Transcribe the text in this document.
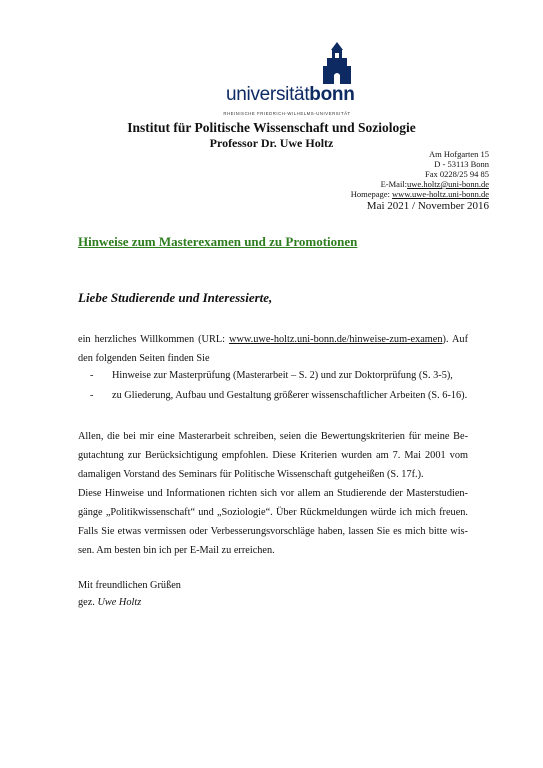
universitätbonn
RHEINISCHE FRIEDRICH-WILHELMS-UNIVERSITÄT
Institut für Politische Wissenschaft und Soziologie
Professor Dr. Uwe Holtz
Am Hofgarten 15
D - 53113 Bonn
Fax 0228/25 94 85
E-Mail:uwe.holtz@uni-bonn.de
Homepage: www.uwe-holtz.uni-bonn.de
Mai 2021 / November 2016
Hinweise zum Masterexamen und zu Promotionen
Liebe Studierende und Interessierte,
ein herzliches Willkommen (URL: www.uwe-holtz.uni-bonn.de/hinweise-zum-examen). Auf
den folgenden Seiten finden Sie
- Hinweise zur Masterprüfung (Masterarbeit – S. 2) und zur Doktorprüfung (S. 3-5),
- zu Gliederung, Aufbau und Gestaltung größerer wissenschaftlicher Arbeiten (S. 6-16).
Allen, die bei mir eine Masterarbeit schreiben, seien die Bewertungskriterien für meine Be-
gutachtung zur Berücksichtigung empfohlen. Diese Kriterien wurden am 7. Mai 2001 vom
damaligen Vorstand des Seminars für Politische Wissenschaft gutgeheißen (S. 17f.).
Diese Hinweise und Informationen richten sich vor allem an Studierende der Masterstudien-
gänge „Politikwissenschaft“ und „Soziologie“. Über Rückmeldungen würde ich mich freuen.
Falls Sie etwas vermissen oder Verbesserungsvorschläge haben, lassen Sie es mich bitte wis-
sen. Am besten bin ich per E-Mail zu erreichen.
Mit freundlichen Grüßen
gez. Uwe Holtz
